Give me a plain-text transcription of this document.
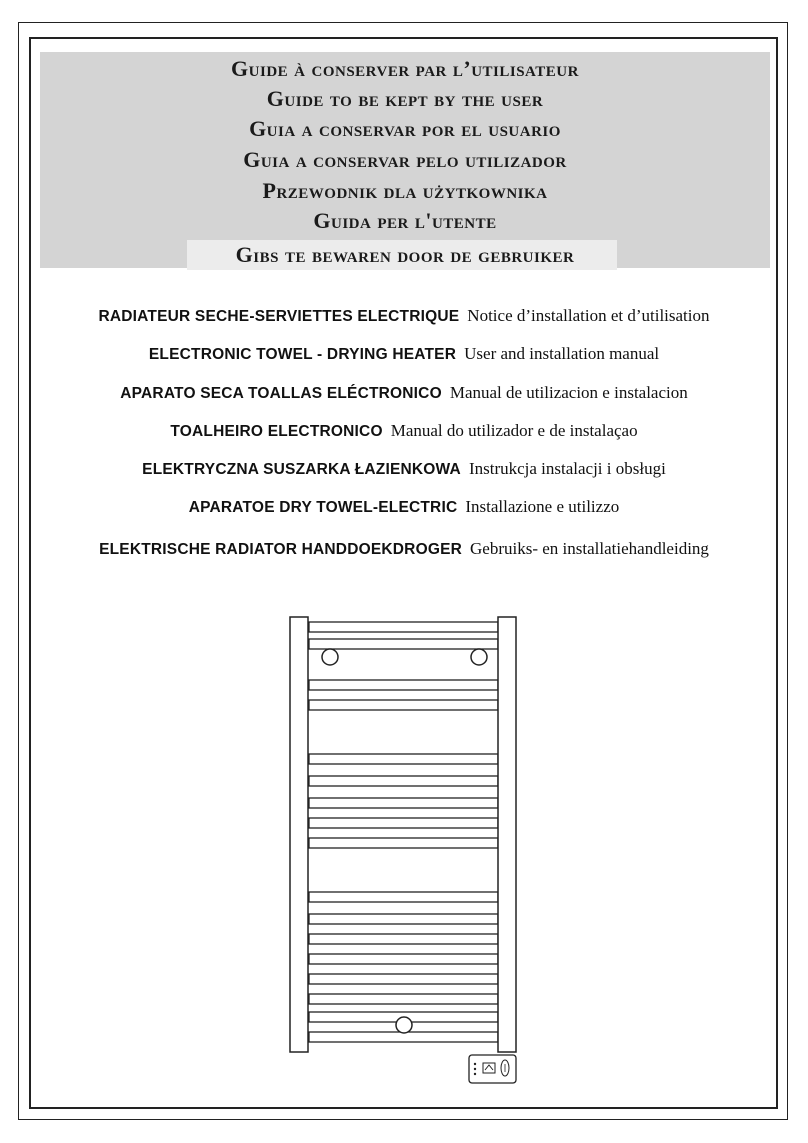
Guide à conserver par l’utilisateur
Guide to be kept by the user
Guia a conservar por el usuario
Guia a conservar pelo utilizador
Przewodnik dla użytkownika
Guida per l'utente
Gibs te bewaren door de gebruiker
RADIATEUR SECHE-SERVIETTES ELECTRIQUE Notice d’installation et d’utilisation
ELECTRONIC TOWEL - DRYING HEATER User and installation manual
APARATO SECA TOALLAS ELÉCTRONICO Manual de utilizacion e instalacion
TOALHEIRO ELECTRONICO Manual do utilizador e de instalaçao
ELEKTRYCZNA SUSZARKA ŁAZIENKOWA Instrukcja instalacji i obsługi
APARATOE DRY TOWEL-ELECTRIC Installazione e utilizzo
ELEKTRISCHE RADIATOR HANDDOEKDROGER Gebruiks- en installatiehandleiding
